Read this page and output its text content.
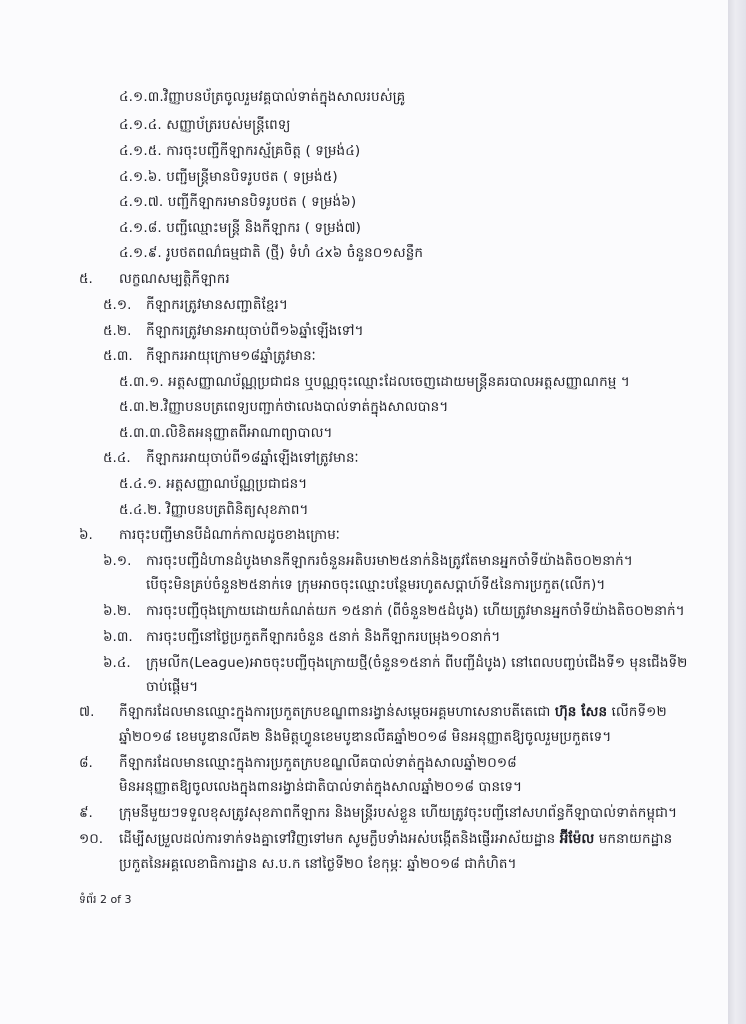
៤.១.៣.វិញ្ញាបនប័ត្រចូលរួមវគ្គបាល់ទាត់ក្នុងសាលរបស់គ្រូ
៤.១.៤. សញ្ញាប័ត្ររបស់មន្ត្រីពេទ្យ
៤.១.៥. ការចុះបញ្ជីកីឡាករស្ម័គ្រចិត្ត ( ទម្រង់៤)
៤.១.៦. បញ្ជីមន្ត្រីមានបិទរូបថត ( ទម្រង់៥)
៤.១.៧. បញ្ជីកីឡាករមានបិទរូបថត ( ទម្រង់៦)
៤.១.៨. បញ្ជីឈ្មោះមន្ត្រី និងកីឡាករ ( ទម្រង់៧)
៤.១.៩. រូបថតពណ៌ធម្មជាតិ (ថ្មី) ទំហំ ៤x៦ ចំនួន០១សន្លឹក
៥. លក្ខណសម្បត្តិកីឡាករ
៥.១. កីឡាករត្រូវមានសញ្ជាតិខ្មែរ។
៥.២. កីឡាករត្រូវមានអាយុចាប់ពី១៦ឆ្នាំឡើងទៅ។
៥.៣. កីឡាករអាយុក្រោម១៨ឆ្នាំត្រូវមានៈ
៥.៣.១. អត្តសញ្ញាណប័ណ្ណប្រជាជន ឬបណ្ណចុះឈ្មោះដែលចេញដោយមន្ត្រីនគរបាលអត្តសញ្ញាណកម្ម ។
៥.៣.២.វិញ្ញាបនបត្រពេទ្យបញ្ជាក់ថាលេងបាល់ទាត់ក្នុងសាលបាន។
៥.៣.៣.លិខិតអនុញ្ញាតពីអាណាព្យាបាល។
៥.៤. កីឡាករអាយុចាប់ពី១៨ឆ្នាំឡើងទៅត្រូវមានៈ
៥.៤.១. អត្តសញ្ញាណប័ណ្ណប្រជាជន។
៥.៤.២. វិញ្ញាបនបត្រពិនិត្យសុខភាព។
៦. ការចុះបញ្ជីមានបីដំណាក់កាលដូចខាងក្រោមៈ
៦.១. ការចុះបញ្ជីដំហានដំបូងមានកីឡាករចំនួនអតិបរមា២៥នាក់និងត្រូវតែមានអ្នកចាំទីយ៉ាងតិច០២នាក់។
បើចុះមិនគ្រប់ចំនួន២៥នាក់ទេ ក្រុមអាចចុះឈ្មោះបន្ថែមរហូតសប្តាហ៍ទី៥នៃការប្រកួត(លើក)។
៦.២. ការចុះបញ្ជីចុងក្រោយដោយកំណត់យក ១៥នាក់ (ពីចំនួន២៥ដំបូង) ហើយត្រូវមានអ្នកចាំទីយ៉ាងតិច០២នាក់។
៦.៣. ការចុះបញ្ជីនៅថ្ងៃប្រកួតកីឡាករចំនួន ៥នាក់ និងកីឡាករបម្រុង១០នាក់។
៦.៤. ក្រុមលីក(League)អាចចុះបញ្ជីចុងក្រោយថ្មី(ចំនួន១៥នាក់ ពីបញ្ជីដំបូង) នៅពេលបញ្ចប់ជើងទី១ មុនជើងទី២
ចាប់ផ្តើម។
៧. កីឡាករដែលមានឈ្មោះក្នុងការប្រកួតក្របខណ្ឌពានរង្វាន់សម្តេចអគ្គមហាសេនាបតីតេជោ ហ៊ុន សែន លើកទី១២
ឆ្នាំ២០១៨ ខេមបូឌានលីគ២ និងមិត្តហ្វូនខេមបូឌានលីគឆ្នាំ២០១៨ មិនអនុញ្ញាតឱ្យចូលរួមប្រកួតទេ។
៨. កីឡាករដែលមានឈ្មោះក្នុងការប្រកួតក្របខណ្ឌលីគបាល់ទាត់ក្នុងសាលឆ្នាំ២០១៨
មិនអនុញ្ញាតឱ្យចូលលេងក្នុងពានរង្វាន់ជាតិបាល់ទាត់ក្នុងសាលឆ្នាំ២០១៨ បានទេ។
៩. ក្រុមនីមួយៗទទួលខុសត្រូវសុខភាពកីឡាករ និងមន្ត្រីរបស់ខ្លួន ហើយត្រូវចុះបញ្ជីនៅសហព័ន្ធកីឡាបាល់ទាត់កម្ពុជា។
១០. ដើម្បីសម្រួលដល់ការទាក់ទងគ្នាទៅវិញទៅមក សូមក្លឹបទាំងអស់បង្កើតនិងផ្ញើរអាស័យដ្ឋាន អ៊ីម៉ែល មកនាយកដ្ឋាន
ប្រកួតនៃអគ្គលេខាធិការដ្ឋាន ស.ប.ក នៅថ្ងៃទី២០ ខែកុម្ភៈ ឆ្នាំ២០១៨ ជាកំហិត។
ទំព័រ 2 of 3
